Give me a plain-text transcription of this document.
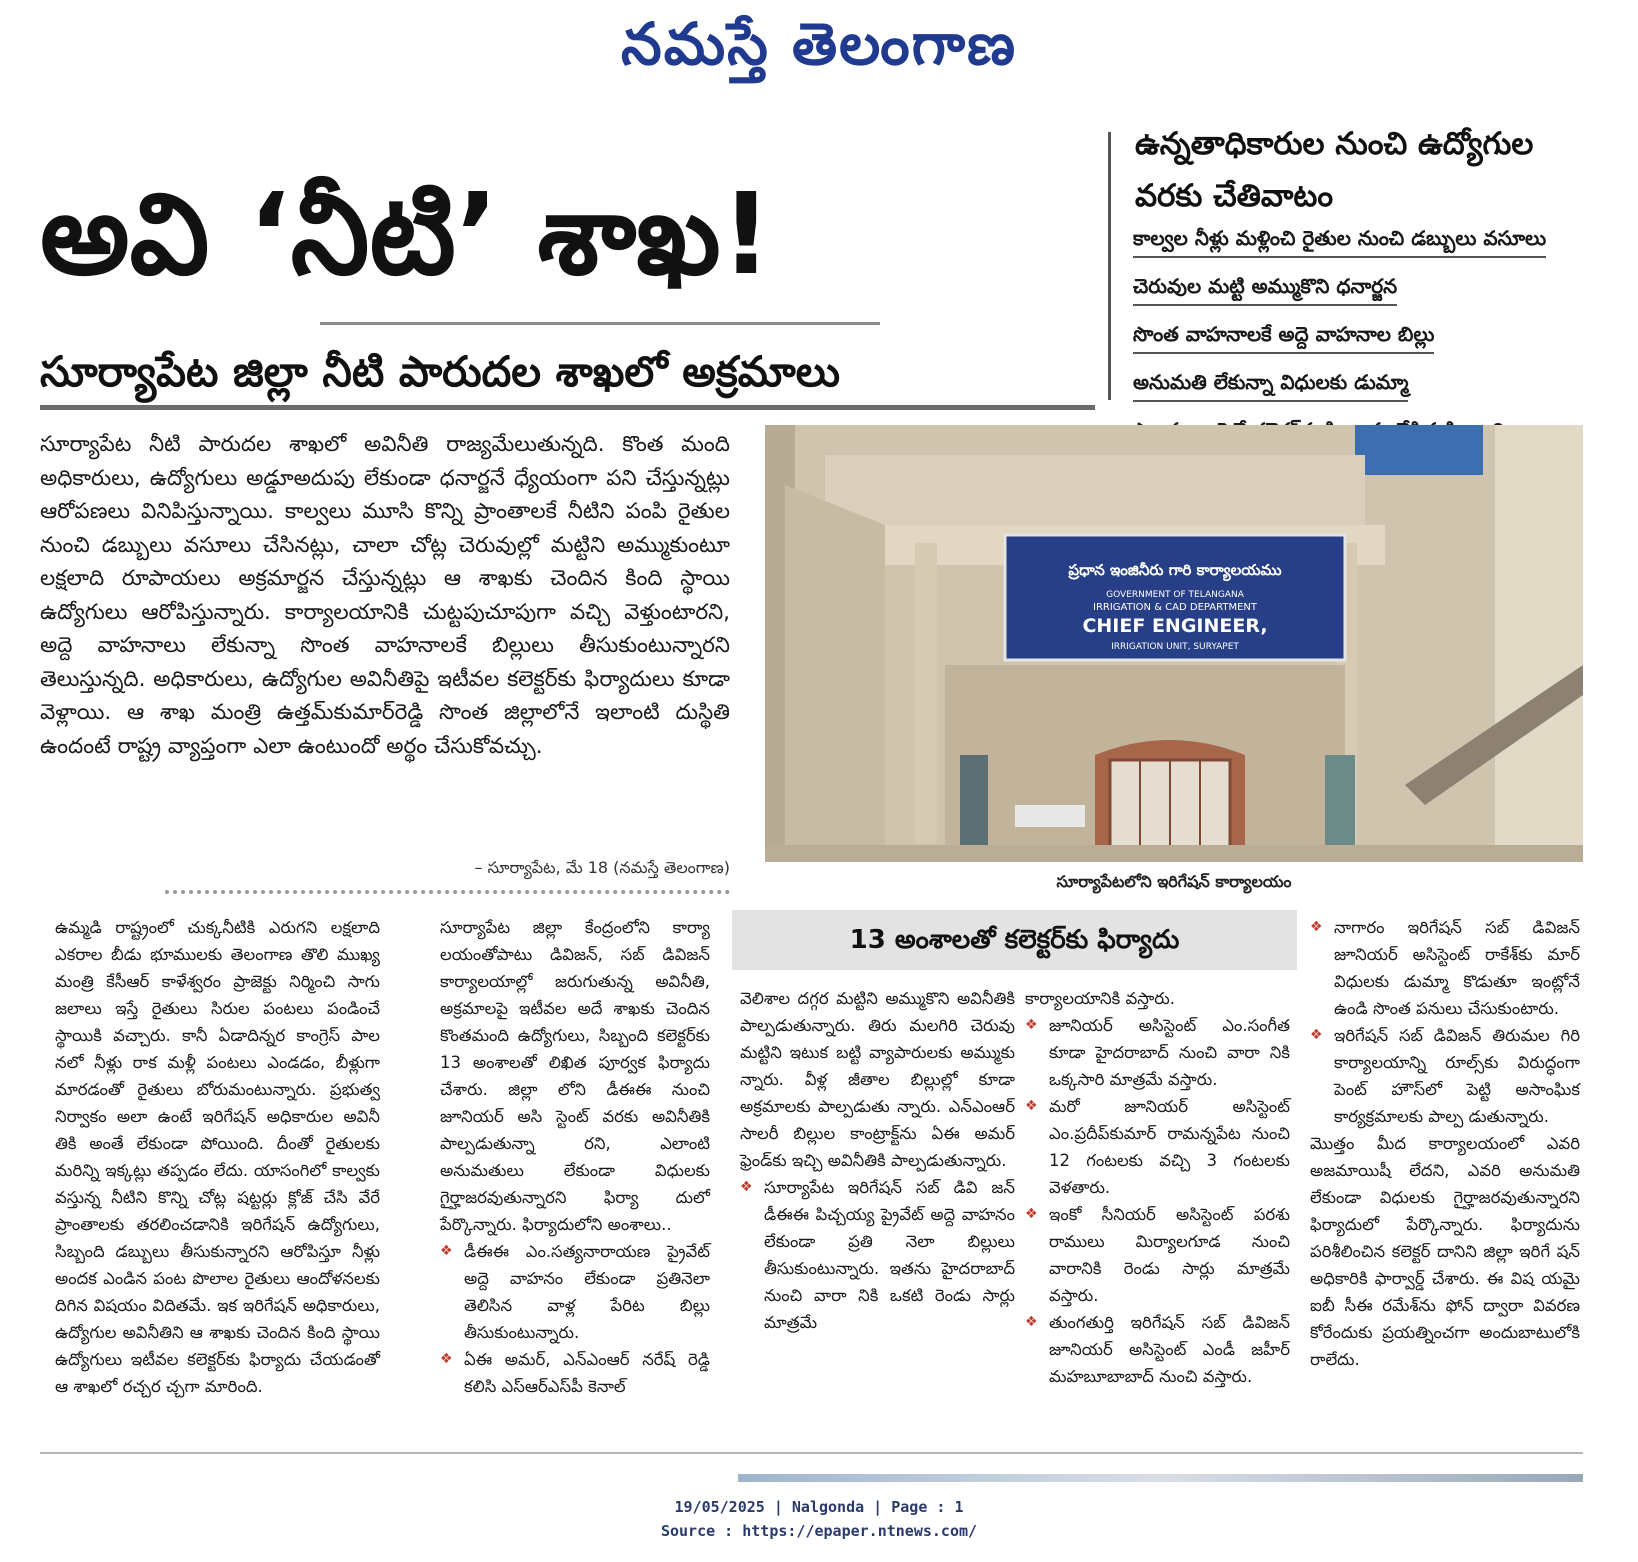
నమస్తే తెలంగాణ
అవి ‘నీటి’ శాఖ!
సూర్యాపేట జిల్లా నీటి పారుదల శాఖలో అక్రమాలు
ఉన్నతాధికారుల నుంచి ఉద్యోగుల వరకు చేతివాటం
కాల్వల నీళ్లు మళ్లించి రైతుల నుంచి డబ్బులు వసూలు
చెరువుల మట్టి అమ్ముకొని ధనార్జన
సొంత వాహనాలకే అద్దె వాహనాల బిల్లు
అనుమతి లేకున్నా విధులకు డుమ్మా

సూర్యాపేట నీటి పారుదల శాఖలో అవినీతి రాజ్యమేలుతున్నది. కొంత మంది అధికారులు, ఉద్యోగులు అడ్డూఅదుపు లేకుండా ధనార్జనే ధ్యేయంగా పని చేస్తున్నట్లు ఆరోపణలు వినిపిస్తున్నాయి. కాల్వలు మూసి కొన్ని ప్రాంతాలకే నీటిని పంపి రైతుల నుంచి డబ్బులు వసూలు చేసినట్లు, చాలా చోట్ల చెరువుల్లో మట్టిని అమ్ముకుంటూ లక్షలాది రూపాయలు అక్రమార్జన చేస్తున్నట్లు ఆ శాఖకు చెందిన కింది స్థాయి ఉద్యోగులు ఆరోపిస్తున్నారు. కార్యాలయానికి చుట్టపుచూపుగా వచ్చి వెళ్తుంటారని, అద్దె వాహనాలు లేకున్నా సొంత వాహనాలకే బిల్లులు తీసుకుంటున్నారని తెలుస్తున్నది. అధికారులు, ఉద్యోగుల అవినీతిపై ఇటీవల కలెక్టర్‌కు ఫిర్యాదులు కూడా వెళ్లాయి. ఆ శాఖ మంత్రి ఉత్తమ్‌కుమార్‌రెడ్డి సొంత జిల్లాలోనే ఇలాంటి దుస్థితి ఉందంటే రాష్ట్ర వ్యాప్తంగా ఎలా ఉంటుందో అర్థం చేసుకోవచ్చు.

– సూర్యాపేట, మే 18 (నమస్తే తెలంగాణ)
ప్రధాన ఇంజినీరు గారి కార్యాలయము
GOVERNMENT OF TELANGANA
IRRIGATION & CAD DEPARTMENT
CHIEF ENGINEER,
IRRIGATION UNIT, SURYAPET
సూర్యాపేటలోని ఇరిగేషన్ కార్యాలయం
13 అంశాలతో కలెక్టర్‌కు ఫిర్యాదు

ఉమ్మడి రాష్ట్రంలో చుక్కనీటికి ఎరుగని లక్షలాది ఎకరాల బీడు భూములకు తెలంగాణ తొలి ముఖ్య మంత్రి కేసీఆర్ కాళేశ్వరం ప్రాజెక్టు నిర్మించి సాగు జలాలు ఇస్తే రైతులు సిరుల పంటలు పండించే స్థాయికి వచ్చారు. కానీ ఏడాదిన్నర కాంగ్రెస్ పాల నలో నీళ్లు రాక మళ్లీ పంటలు ఎండడం, బీళ్లుగా మారడంతో రైతులు బోరుమంటున్నారు. ప్రభుత్వ నిర్వాకం అలా ఉంటే ఇరిగేషన్ అధికారుల అవినీ తికి అంతే లేకుండా పోయింది. దీంతో రైతులకు మరిన్ని ఇక్కట్లు తప్పడం లేదు. యాసంగిలో కాల్వకు వస్తున్న నీటిని కొన్ని చోట్ల షట్టర్లు క్లోజ్ చేసి వేరే ప్రాంతాలకు తరలించడానికి ఇరిగేషన్ ఉద్యోగులు, సిబ్బంది డబ్బులు తీసుకున్నారని ఆరోపిస్తూ నీళ్లు అందక ఎండిన పంట పొలాల రైతులు ఆందోళనలకు దిగిన విషయం విదితమే. ఇక ఇరిగేషన్ అధికారులు, ఉద్యోగుల అవినీతిని ఆ శాఖకు చెందిన కింది స్థాయి ఉద్యోగులు ఇటీవల కలెక్టర్‌కు ఫిర్యాదు చేయడంతో ఆ శాఖలో రచ్చర చ్చగా మారింది.

సూర్యాపేట జిల్లా కేంద్రంలోని కార్యా లయంతోపాటు డివిజన్, సబ్ డివిజన్ కార్యాలయాల్లో జరుగుతున్న అవినీతి, అక్రమాలపై ఇటీవల అదే శాఖకు చెందిన కొంతమంది ఉద్యోగులు, సిబ్బంది కలెక్టర్‌కు 13 అంశాలతో లిఖిత పూర్వక ఫిర్యాదు చేశారు. జిల్లా లోని డీఈఈ నుంచి జూనియర్ అసి స్టెంట్ వరకు అవినీతికి పాల్పడుతున్నా రని, ఎలాంటి అనుమతులు లేకుండా విధులకు గైర్హాజరవుతున్నారని ఫిర్యా దులో పేర్కొన్నారు. ఫిర్యాదులోని అంశాలు..

❖ డీఈఈ ఎం.సత్యనారాయణ ప్రైవేట్ అద్దె వాహనం లేకుండా ప్రతినెలా తెలిసిన వాళ్ల పేరిట బిల్లు తీసుకుంటున్నారు.
❖ ఏఈ అమర్, ఎన్‌ఎంఆర్ నరేష్ రెడ్డి కలిసి ఎస్‌ఆర్‌ఎస్‌పీ కెనాల్

వెలిశాల దగ్గర మట్టిని అమ్ముకొని అవినీతికి పాల్పడుతున్నారు. తిరు మలగిరి చెరువు మట్టిని ఇటుక బట్టి వ్యాపారులకు అమ్ముకు న్నారు. వీళ్ల జీతాల బిల్లుల్లో కూడా అక్రమాలకు పాల్పడుతు న్నారు. ఎన్‌ఎంఆర్ సాలరీ బిల్లుల కాంట్రాక్ట్‌ను ఏఈ అమర్ ఫ్రెండ్‌కు ఇచ్చి అవినీతికి పాల్పడుతున్నారు.

❖ సూర్యాపేట ఇరిగేషన్ సబ్ డివి జన్ డీఈఈ పిచ్చయ్య ప్రైవేట్ అద్దె వాహనం లేకుండా ప్రతి నెలా బిల్లులు తీసుకుంటున్నారు. ఇతను హైదరాబాద్ నుంచి వారా నికి ఒకటి రెండు సార్లు మాత్రమే

కార్యాలయానికి వస్తారు.

❖ జూనియర్ అసిస్టెంట్ ఎం.సంగీత కూడా హైదరాబాద్ నుంచి వారా నికి ఒక్కసారి మాత్రమే వస్తారు.
❖ మరో జూనియర్ అసిస్టెంట్ ఎం.ప్రదీప్‌కుమార్ రామన్నపేట నుంచి 12 గంటలకు వచ్చి 3 గంటలకు వెళతారు.
❖ ఇంకో సీనియర్ అసిస్టెంట్ పరశు రాములు మిర్యాలగూడ నుంచి వారానికి రెండు సార్లు మాత్రమే వస్తారు.
❖ తుంగతుర్తి ఇరిగేషన్ సబ్ డివిజన్ జూనియర్ అసిస్టెంట్ ఎండీ జహీర్ మహబూబాబాద్ నుంచి వస్తారు.
❖ నాగారం ఇరిగేషన్ సబ్ డివిజన్ జూనియర్ అసిస్టెంట్ రాకేశ్‌కు మార్ విధులకు డుమ్మా కొడుతూ ఇంట్లోనే ఉండి సొంత పనులు చేసుకుంటారు.
❖ ఇరిగేషన్ సబ్ డివిజన్ తిరుమల గిరి కార్యాలయాన్ని రూల్స్‌కు విరుద్ధంగా పెంట్ హౌస్‌లో పెట్టి అసాంఘిక కార్యక్రమాలకు పాల్ప డుతున్నారు.

మొత్తం మీద కార్యాలయంలో ఎవరి అజమాయిషీ లేదని, ఎవరి అనుమతి లేకుండా విధులకు గైర్హాజరవుతున్నారని ఫిర్యాదులో పేర్కొన్నారు. ఫిర్యాదును పరిశీలించిన కలెక్టర్ దానిని జిల్లా ఇరిగే షన్ అధికారికి ఫార్వార్డ్ చేశారు. ఈ విష యమై ఐబీ సీఈ రమేశ్‌ను ఫోన్ ద్వారా వివరణ కోరేందుకు ప్రయత్నించగా అందుబాటులోకి రాలేదు.

19/05/2025 | Nalgonda | Page : 1
Source : https://epaper.ntnews.com/
